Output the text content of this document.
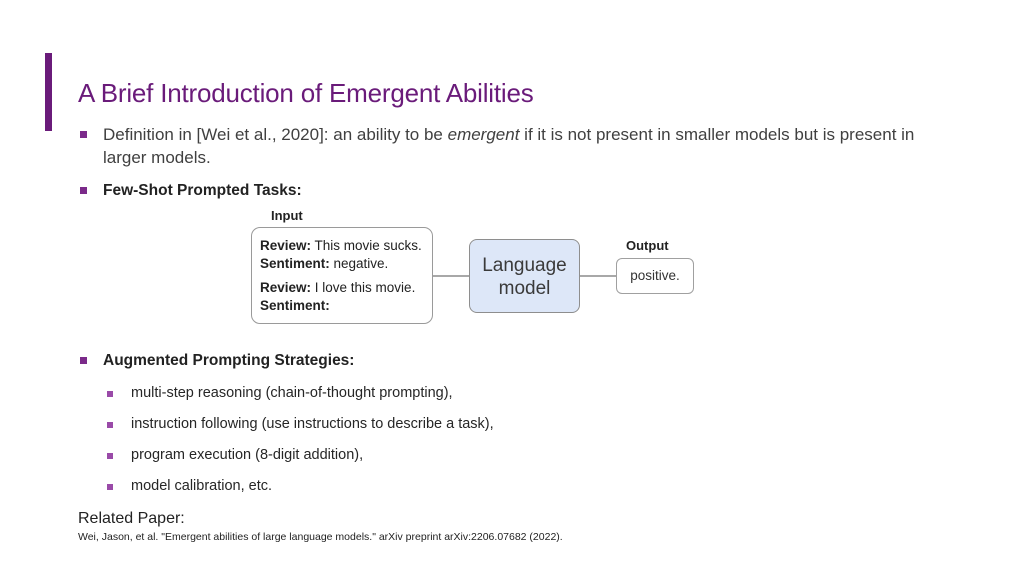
A Brief Introduction of Emergent Abilities
Definition in [Wei et al., 2020]: an ability to be emergent if it is not present in smaller models but is present in larger models.
Few-Shot Prompted Tasks:
Input
Review: This movie sucks.
Sentiment: negative.
Review: I love this movie.
Sentiment:
Language
model
Output
positive.
Augmented Prompting Strategies:
multi-step reasoning (chain-of-thought prompting),
instruction following (use instructions to describe a task),
program execution (8-digit addition),
model calibration, etc.
Related Paper:
Wei, Jason, et al. "Emergent abilities of large language models." arXiv preprint arXiv:2206.07682 (2022).
